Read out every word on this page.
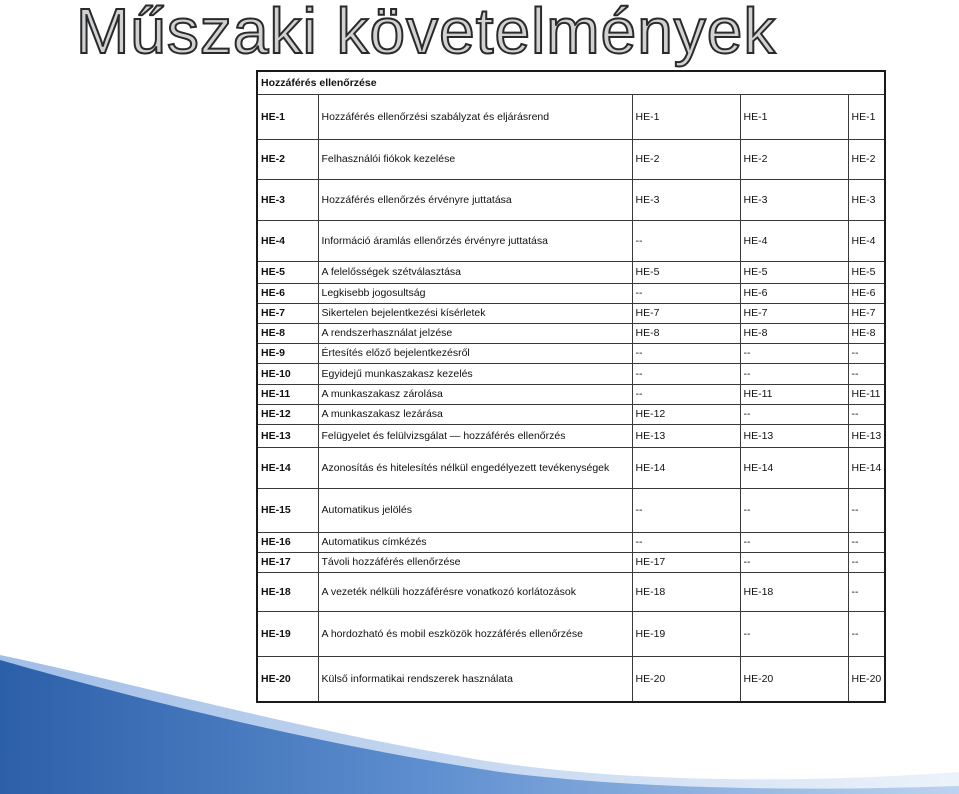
Műszaki követelmények
Hozzáférés ellenőrzése				
HE-1	Hozzáférés ellenőrzési szabályzat és eljárásrend	HE-1	HE-1	HE-1
HE-2	Felhasználói fiókok kezelése	HE-2	HE-2	HE-2
HE-3	Hozzáférés ellenőrzés érvényre juttatása	HE-3	HE-3	HE-3
HE-4	Információ áramlás ellenőrzés érvényre juttatása	--	HE-4	HE-4
HE-5	A felelősségek szétválasztása	HE-5	HE-5	HE-5
HE-6	Legkisebb jogosultság	--	HE-6	HE-6
HE-7	Sikertelen bejelentkezési kísérletek	HE-7	HE-7	HE-7
HE-8	A rendszerhasználat jelzése	HE-8	HE-8	HE-8
HE-9	Értesítés előző bejelentkezésről	--	--	--
HE-10	Egyidejű munkaszakasz kezelés	--	--	--
HE-11	A munkaszakasz zárolása	--	HE-11	HE-11
HE-12	A munkaszakasz lezárása	HE-12	--	--
HE-13	Felügyelet és felülvizsgálat — hozzáférés ellenőrzés	HE-13	HE-13	HE-13
HE-14	Azonosítás és hitelesítés nélkül engedélyezett tevékenységek	HE-14	HE-14	HE-14
HE-15	Automatikus jelölés	--	--	--
HE-16	Automatikus címkézés	--	--	--
HE-17	Távoli hozzáférés ellenőrzése	HE-17	--	--
HE-18	A vezeték nélküli hozzáférésre vonatkozó korlátozások	HE-18	HE-18	--
HE-19	A hordozható és mobil eszközök hozzáférés ellenőrzése	HE-19	--	--
HE-20	Külső informatikai rendszerek használata	HE-20	HE-20	HE-20
